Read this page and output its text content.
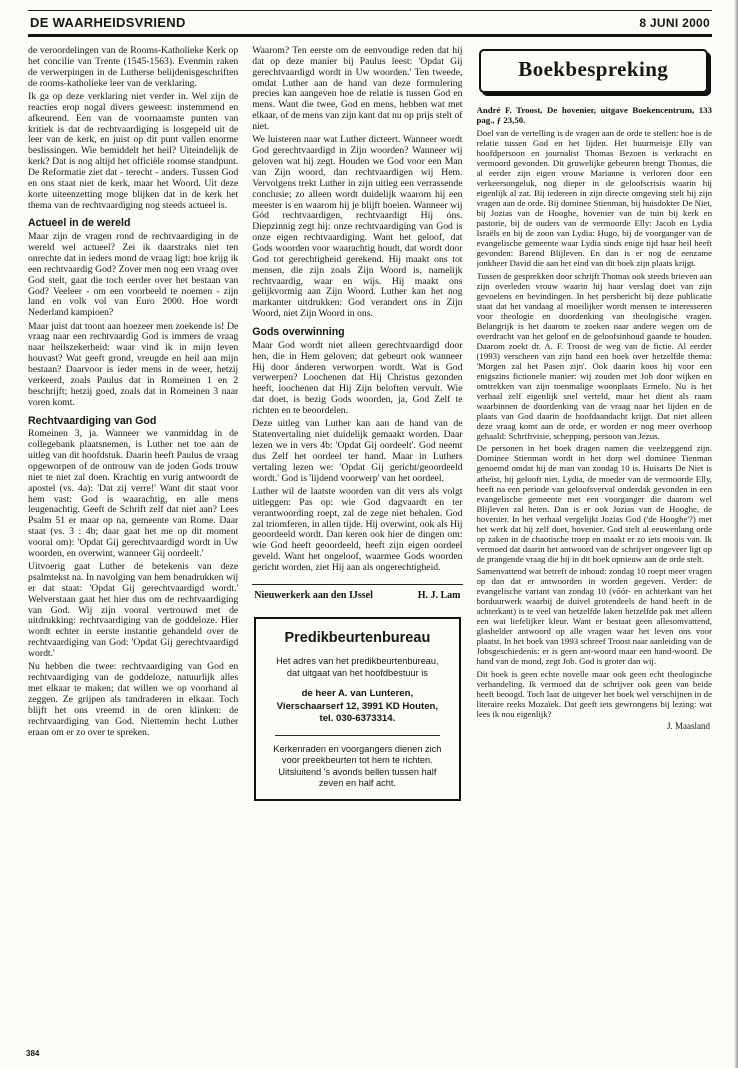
DE WAARHEIDSVRIEND	8 JUNI 2000

de veroordelingen van de Rooms-Katholieke Kerk op het concilie van Trente (1545-1563). Evenmin raken de verwerpingen in de Lutherse belijdenisgeschriften de rooms-katholieke leer van de verklaring.

Ik ga op deze verklaring niet verder in. Wel zijn de reacties erop nogal divers geweest: instemmend en afkeurend. Een van de voornaamste punten van kritiek is dat de rechtvaardiging is losgepeld uit de leer van de kerk, en juist op dit punt vallen enorme beslissingen. Wie bemiddelt het heil? Uiteindelijk de kerk? Dat is nog altijd het officiële roomse standpunt. De Reformatie ziet dat - terecht - anders. Tussen God en ons staat niet de kerk, maar het Woord. Uit deze korte uiteenzetting moge blijken dat in de kerk het thema van de rechtvaardiging nog steeds actueel is.

Actueel in de wereld

Maar zijn de vragen rond de rechtvaardiging in de wereld wel actueel? Zei ik daarstraks niet ten onrechte dat in ieders mond de vraag ligt: hoe krijg ik een rechtvaardig God? Zover men nog een vraag over God stelt, gaat die toch eerder over het bestaan van God? Veeleer - om een voorbeeld te noemen - zijn land en volk vol van Euro 2000. Hoe wordt Nederland kampioen?

Maar juist dat toont aan hoezeer men zoekende is! De vraag naar een rechtvaardig God is immers de vraag naar heilszekerheid: waar vind ik in mijn leven houvast? Wat geeft grond, vreugde en heil aan mijn bestaan? Daarvoor is ieder mens in de weer, hetzij verkeerd, zoals Paulus dat in Romeinen 1 en 2 beschrijft; hetzij goed, zoals dat in Romeinen 3 naar voren komt.

Rechtvaardiging van God

Romeinen 3, ja. Wanneer we vanmiddag in de collegebank plaatsnemen, is Luther net toe aan de uitleg van dit hoofdstuk. Daarin heeft Paulus de vraag opgeworpen of de ontrouw van de joden Gods trouw niet te niet zal doen. Krachtig en vurig antwoordt de apostel (vs. 4a): 'Dat zij verre!' Want dit staat voor hem vast: God is waarachtig, en alle mens leugenachtig. Geeft de Schrift zelf dat niet aan? Lees Psalm 51 er maar op na, gemeente van Rome. Daar staat (vs. 3 : 4b; daar gaat het me op dit moment vooral om): 'Opdat Gij gerechtvaardigd wordt in Uw woorden, en overwint, wanneer Gij oordeelt.'

Uitvoerig gaat Luther de betekenis van deze psalmtekst na. In navolging van hem benadrukken wij er dat staat: 'Opdat Gij gerechtvaardigd wordt.' Welverstaan gaat het hier dus om de rechtvaardiging van God. Wij zijn vooral vertrouwd met de uitdrukking: rechtvaardiging van de goddeloze. Hier wordt echter in eerste instantie gehandeld over de rechtvaardiging van God: 'Opdat Gij gerechtvaardigd wordt.'

Nu hebben die twee: rechtvaardiging van God en rechtvaardiging van de goddeloze, natuurlijk alles met elkaar te maken; dat willen we op voorhand al zeggen. Ze grijpen als tandraderen in elkaar. Toch blijft het ons vreemd in de oren klinken: de rechtvaardiging van God. Niettemin hecht Luther eraan om er zo over te spreken.

Waarom? Ten eerste om de eenvoudige reden dat hij dat op deze manier bij Paulus leest: 'Opdat Gij gerechtvaardigd wordt in Uw woorden.' Ten tweede, omdat Luther aan de hand van deze formulering precies kan aangeven hoe de relatie is tussen God en mens. Want die twee, God en mens, hebben wat met elkaar, of de mens van zijn kant dat nu op prijs stelt of niet.

We luisteren naar wat Luther dicteert. Wanneer wordt God gerechtvaardigd in Zijn woorden? Wanneer wij geloven wat hij zegt. Houden we God voor een Man van Zijn woord, dan rechtvaardigen wij Hem. Vervolgens trekt Luther in zijn uitleg een verrassende conclusie; zo alleen wordt duidelijk waarom hij een meester is en waarom hij je blijft boeien. Wanneer wij Gód rechtvaardigen, rechtvaardigt Híj óns. Diepzinnig zegt hij: onze rechtvaardiging van God is onze eigen rechtvaardiging. Want het geloof, dat Gods woorden voor waarachtig houdt, dat wordt door God tot gerechtigheid gerekend. Hij maakt ons tot mensen, die zijn zoals Zijn Woord is, namelijk rechtvaardig, waar en wijs. Hij maakt ons gelijkvormig aan Zijn Woord. Luther kan het nog markanter uitdrukken: God verandert ons in Zijn Woord, niet Zijn Woord in ons.

Gods overwinning

Maar God wordt niet alleen gerechtvaardigd door hen, die in Hem geloven; dat gebeurt ook wanneer Hij door ánderen verworpen wordt. Wat is God verwerpen? Loochenen dat Hij Christus gezonden heeft, loochenen dat Hij Zijn beloften vervult. Wie dat doet, is bezig Gods woorden, ja, God Zelf te richten en te beoordelen.

Deze uitleg van Luther kan aan de hand van de Statenvertaling niet duidelijk gemaakt worden. Daar lezen we in vers 4b: 'Opdat Gij oordeelt'. God neemt dus Zelf het oordeel ter hand. Maar in Luthers vertaling lezen we: 'Opdat Gij gericht/geoordeeld wordt.' God is 'lijdend voorwerp' van het oordeel.

Luther wil de laatste woorden van dit vers als volgt uitleggen: Pas op: wie God dagvaardt en ter verantwoording roept, zal de zege niet behalen. God zal triomferen, in allen tijde. Hij overwint, ook als Hij geoordeeld wordt. Dan keren ook hier de dingen om: wie God heeft geoordeeld, heeft zijn eigen oordeel geveld. Want het ongeloof, waarmee Gods woorden gericht worden, ziet Hij aan als ongerechtigheid.

Nieuwerkerk aan den IJssel	H. J. Lam
Predikbeurtenbureau
Het adres van het predikbeurtenbureau, dat uitgaat van het hoofdbestuur is
de heer A. van Lunteren,
Vierschaarserf 12, 3991 KD Houten,
tel. 030-6373314.
Kerkenraden en voorgangers dienen zich voor preekbeurten tot hem te richten. Uitsluitend 's avonds bellen tussen half zeven en half acht.
Boekbespreking

André F. Troost, De hovenier, uitgave Boekencentrum, 133 pag., ƒ 23,50.

Doel van de vertelling is de vragen aan de orde te stellen: hoe is de relatie tussen God en het lijden. Het buurmeisje Elly van hoofdpersoon en journalist Thomas Bezoen is verkracht en vermoord gevonden. Dit gruwelijke gebeuren brengt Thomas, die al eerder zijn eigen vrouw Marianne is verloren door een verkeersongeluk, nog dieper in de geloofscrisis waarin hij eigenlijk al zat. Bij iedereen in zijn directe omgeving stelt hij zijn vragen aan de orde. Bij dominee Stienman, bij huisdokter De Niet, bij Jozias van de Hooghe, hovenier van de tuin bij kerk en pastorie, bij de ouders van de vermoorde Elly: Jacob en Lydia Israëls en bij de zoon van Lydia: Hugo, bij de voorganger van de evangelische gemeente waar Lydia sinds enige tijd haar heil heeft gevonden: Barend Blijleven. En dan is er nog de eenzame jonkheer David die aan het eind van dit boek zijn plaats krijgt.

Tussen de gesprekken door schrijft Thomas ook steeds brieven aan zijn overleden vrouw waarin hij haar verslag doet van zijn gevoelens en bevindingen. In het persbericht bij deze publicatie staat dat het vandaag al moeilijker wordt mensen te interesseren voor theologie en doordenking van theologische vragen. Belangrijk is het daarom te zoeken naar andere wegen om de overdracht van het geloof en de geloofsinhoud gaande te houden. Daarom zoekt dr. A. F. Troost de weg van de fictie. Al eerder (1993) verscheen van zijn hand een boek over hetzelfde thema: 'Morgen zal het Pasen zijn'. Ook daarin koos hij voor een enigszins fictionele manier: wij zouden met Job door wijken en omtrekken van zijn toenmalige woonplaats Ermelo. Nu is het verhaal zelf eigenlijk snel verteld, maar het dient als raam waarbinnen de doordenking van de vraag naar het lijden en de plaats van God daarin de hoofdaandacht krijgt. Dat niet alleen deze vraag komt aan de orde, er worden er nog meer overhoop gehaald: Schriftvisie, schepping, persoon van Jezus.

De personen in het boek dragen namen die veelzeggend zijn. Dominee Stienman wordt in het dorp wel dominee Tienman genoemd omdat hij de man van zondag 10 is. Huisarts De Niet is atheïst, hij gelooft niet. Lydia, de moeder van de vermoorde Elly, heeft na een periode van geloofsverval onderdak gevonden in een evangelische gemeente met een voorganger die daarom wel Blijleven zal heten. Dan is er ook Jozias van de Hooghe, de hovenier. In het verhaal vergelijkt Jozias God ('de Hooghe'?) met het werk dat hij zelf doet, hovenier. God stelt al eeuwenlang orde op zaken in de chaotische troep en maakt er zo iets moois van. Ik vermoed dat daarin het antwoord van de schrijver ongeveer ligt op de prangende vraag die hij in dit boek opnieuw aan de orde stelt.

Samenvattend wat betreft de inhoud: zondag 10 roept meer vragen op dan dat er antwoorden in worden gegeven. Verder: de evangelische variant van zondag 10 (vóór- en achterkant van het borduurwerk waarbij de duivel grotendeels de hand heeft in de achterkant) is te veel van hetzelfde laken hetzelfde pak met alleen een wat liefelijker kleur. Want er bestaat geen allesomvattend, glashelder antwoord op alle vragen waar het leven ons voor plaatst. In het boek van 1993 schreef Troost naar aanleiding van de Jobsgeschiedenis: er is geen ant-woord maar een hand-woord. De hand van de mond, zegt Job. God is groter dan wij.

Dit boek is geen echte novelle maar ook geen echt theologische verhandeling. Ik vermoed dat de schrijver ook geen van beide heeft beoogd. Toch laat de uitgever het boek wel verschijnen in de literaire reeks Mozaïek. Dat geeft iets gewrongens bij lezing: wat lees ik nou eigenlijk?

J. Maasland
384
